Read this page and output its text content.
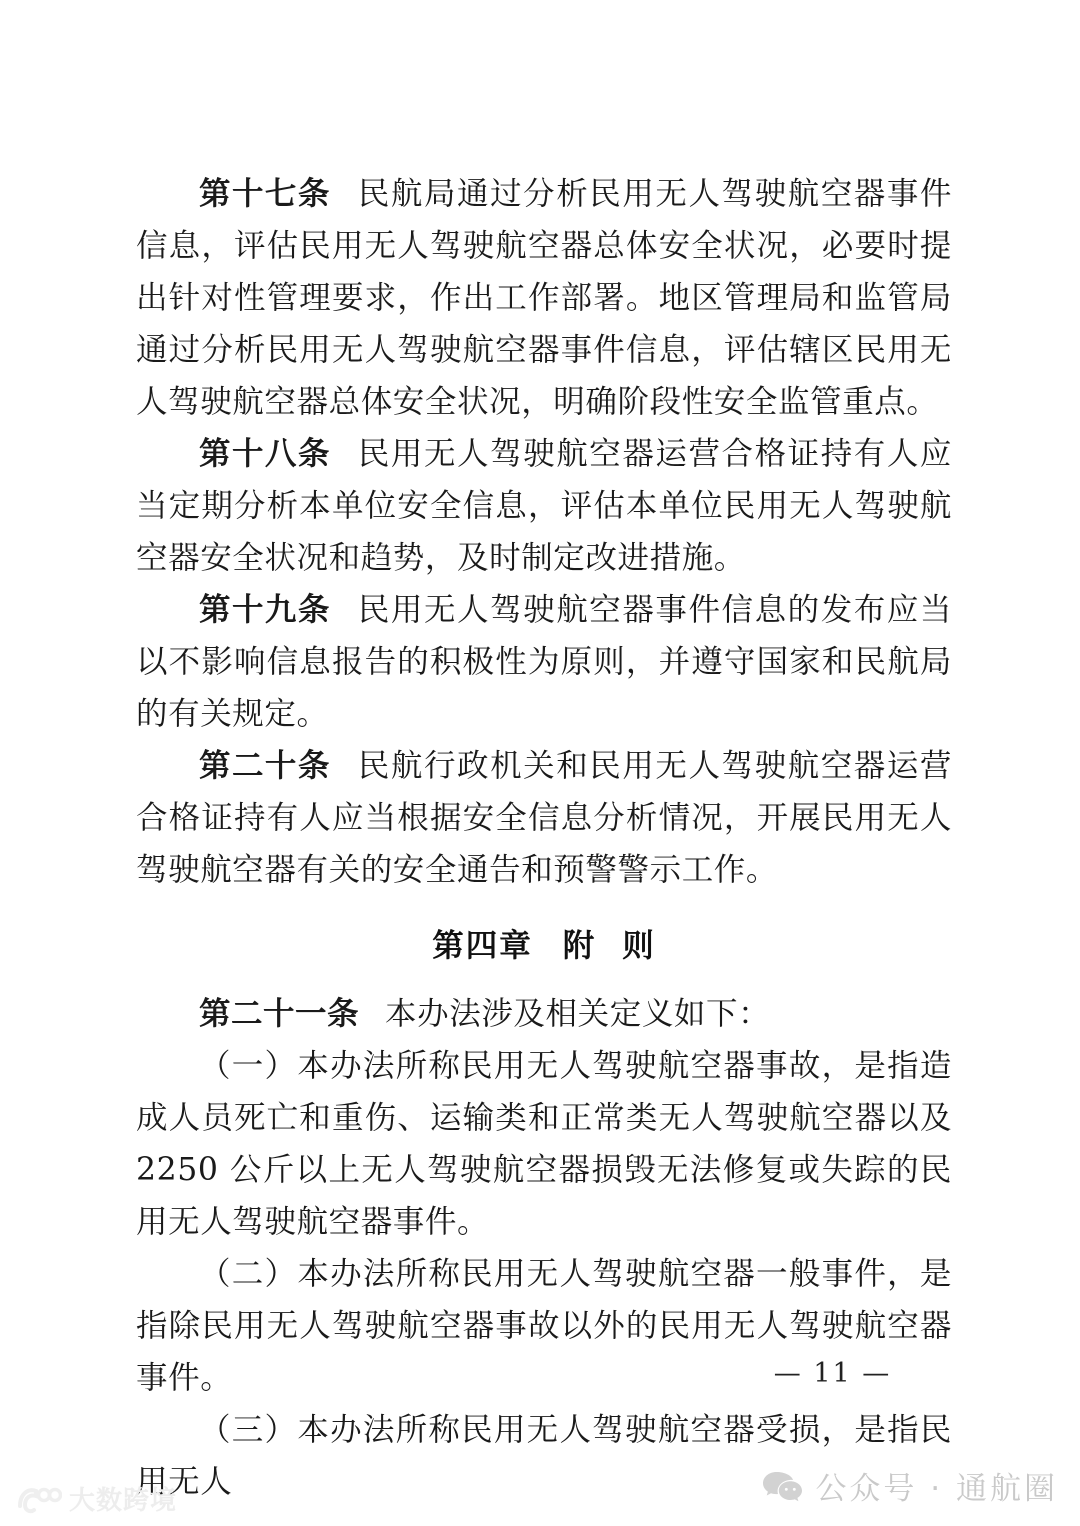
第十七条 民航局通过分析民用无人驾驶航空器事件信息，评估民用无人驾驶航空器总体安全状况，必要时提出针对性管理要求，作出工作部署。地区管理局和监管局通过分析民用无人驾驶航空器事件信息，评估辖区民用无人驾驶航空器总体安全状况，明确阶段性安全监管重点。

第十八条 民用无人驾驶航空器运营合格证持有人应当定期分析本单位安全信息，评估本单位民用无人驾驶航空器安全状况和趋势，及时制定改进措施。

第十九条 民用无人驾驶航空器事件信息的发布应当以不影响信息报告的积极性为原则，并遵守国家和民航局的有关规定。

第二十条 民航行政机关和民用无人驾驶航空器运营合格证持有人应当根据安全信息分析情况，开展民用无人驾驶航空器有关的安全通告和预警警示工作。

第四章 附 则

第二十一条 本办法涉及相关定义如下：

（一）本办法所称民用无人驾驶航空器事故，是指造成人员死亡和重伤、运输类和正常类无人驾驶航空器以及 2250 公斤以上无人驾驶航空器损毁无法修复或失踪的民用无人驾驶航空器事件。

（二）本办法所称民用无人驾驶航空器一般事件，是指除民用无人驾驶航空器事故以外的民用无人驾驶航空器事件。

（三）本办法所称民用无人驾驶航空器受损，是指民用无人

— 11 —
大数跨境	公众号 · 通航圈
